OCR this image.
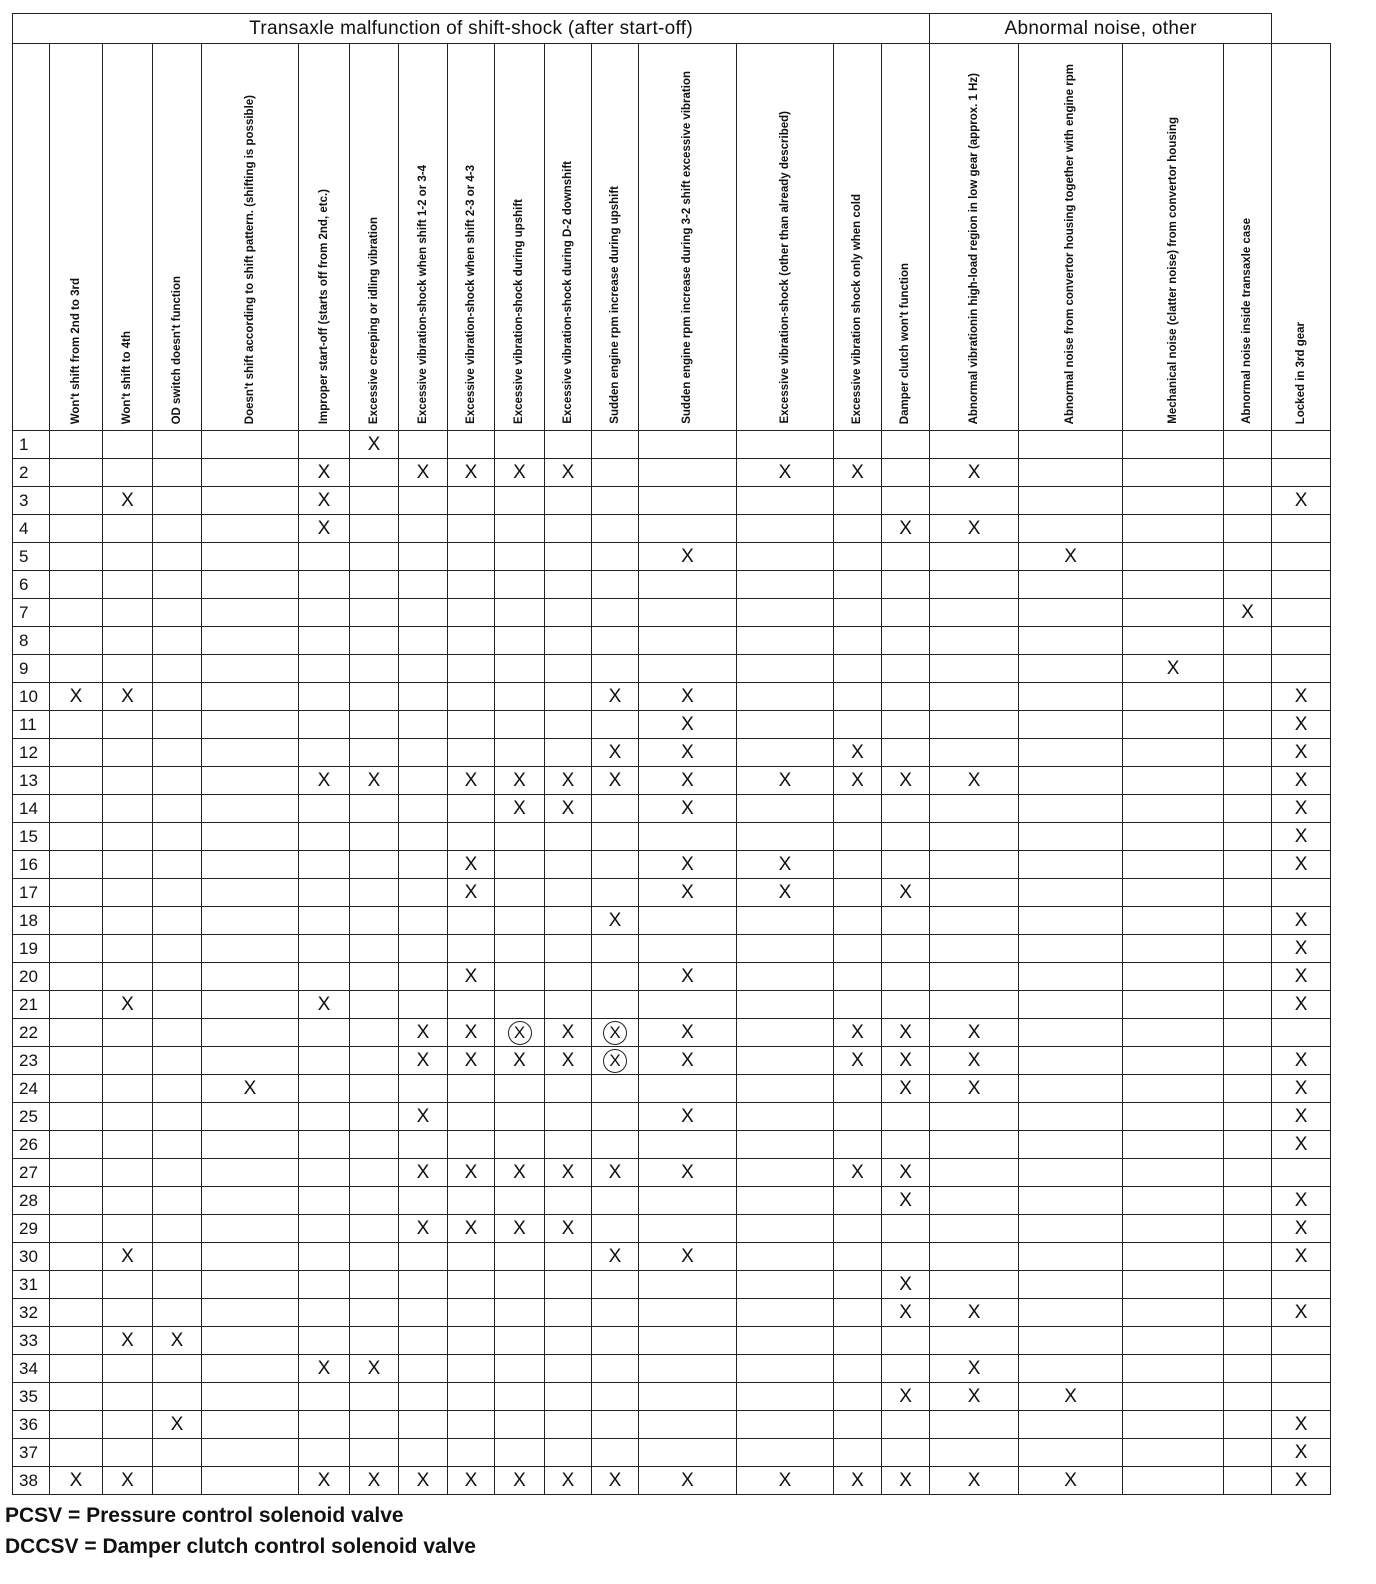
Transaxle malfunction of shift-shock (after start-off)																Abnormal noise, other				

	Won't shift from 2nd to 3rd	Won't shift to 4th	OD switch doesn't function	Doesn't shift according to shift pattern. (shifting is possible)	Improper start-off (starts off from 2nd, etc.)	Excessive creeping or idling vibration	Excessive vibration-shock when shift 1-2 or 3-4	Excessive vibration-shock when shift 2-3 or 4-3	Excessive vibration-shock during upshift	Excessive vibration-shock during D-2 downshift	Sudden engine rpm increase during upshift	Sudden engine rpm increase during 3-2 shift excessive vibration	Excessive vibration-shock (other than already described)	Excessive vibration shock only when cold	Damper clutch won't function	Abnormal vibrationin high-load region in low gear (approx. 1 Hz)	Abnormal noise from convertor housing together with engine rpm	Mechanical noise (clatter noise) from convertor housing	Abnormal noise inside transaxle case	Locked in 3rd gear

1						X														
2					X		X	X	X	X			X	X		X				
3		X			X															X
4					X										X	X				
5												X					X			
6																				
7																			X	
8																				
9																		X		
10	X	X									X	X								X
11												X								X
12											X	X		X						X
13					X	X		X	X	X	X	X	X	X	X	X				X
14									X	X		X								X
15																				X
16								X				X	X							X
17								X				X	X		X					
18											X									X
19																				X
20								X				X								X
21		X			X															X
22							X	X	X	X	X	X		X	X	X				
23							X	X	X	X	X	X		X	X	X				X
24				X											X	X				X
25							X					X								X
26																				X
27							X	X	X	X	X	X		X	X					
28															X					X
29							X	X	X	X										X
30		X									X	X								X
31															X					
32															X	X				X
33		X	X																	
34					X	X										X				
35															X	X	X			
36			X																	X
37																				X
38	X	X			X	X	X	X	X	X	X	X	X	X	X	X	X			X
PCSV = Pressure control solenoid valve
DCCSV = Damper clutch control solenoid valve
